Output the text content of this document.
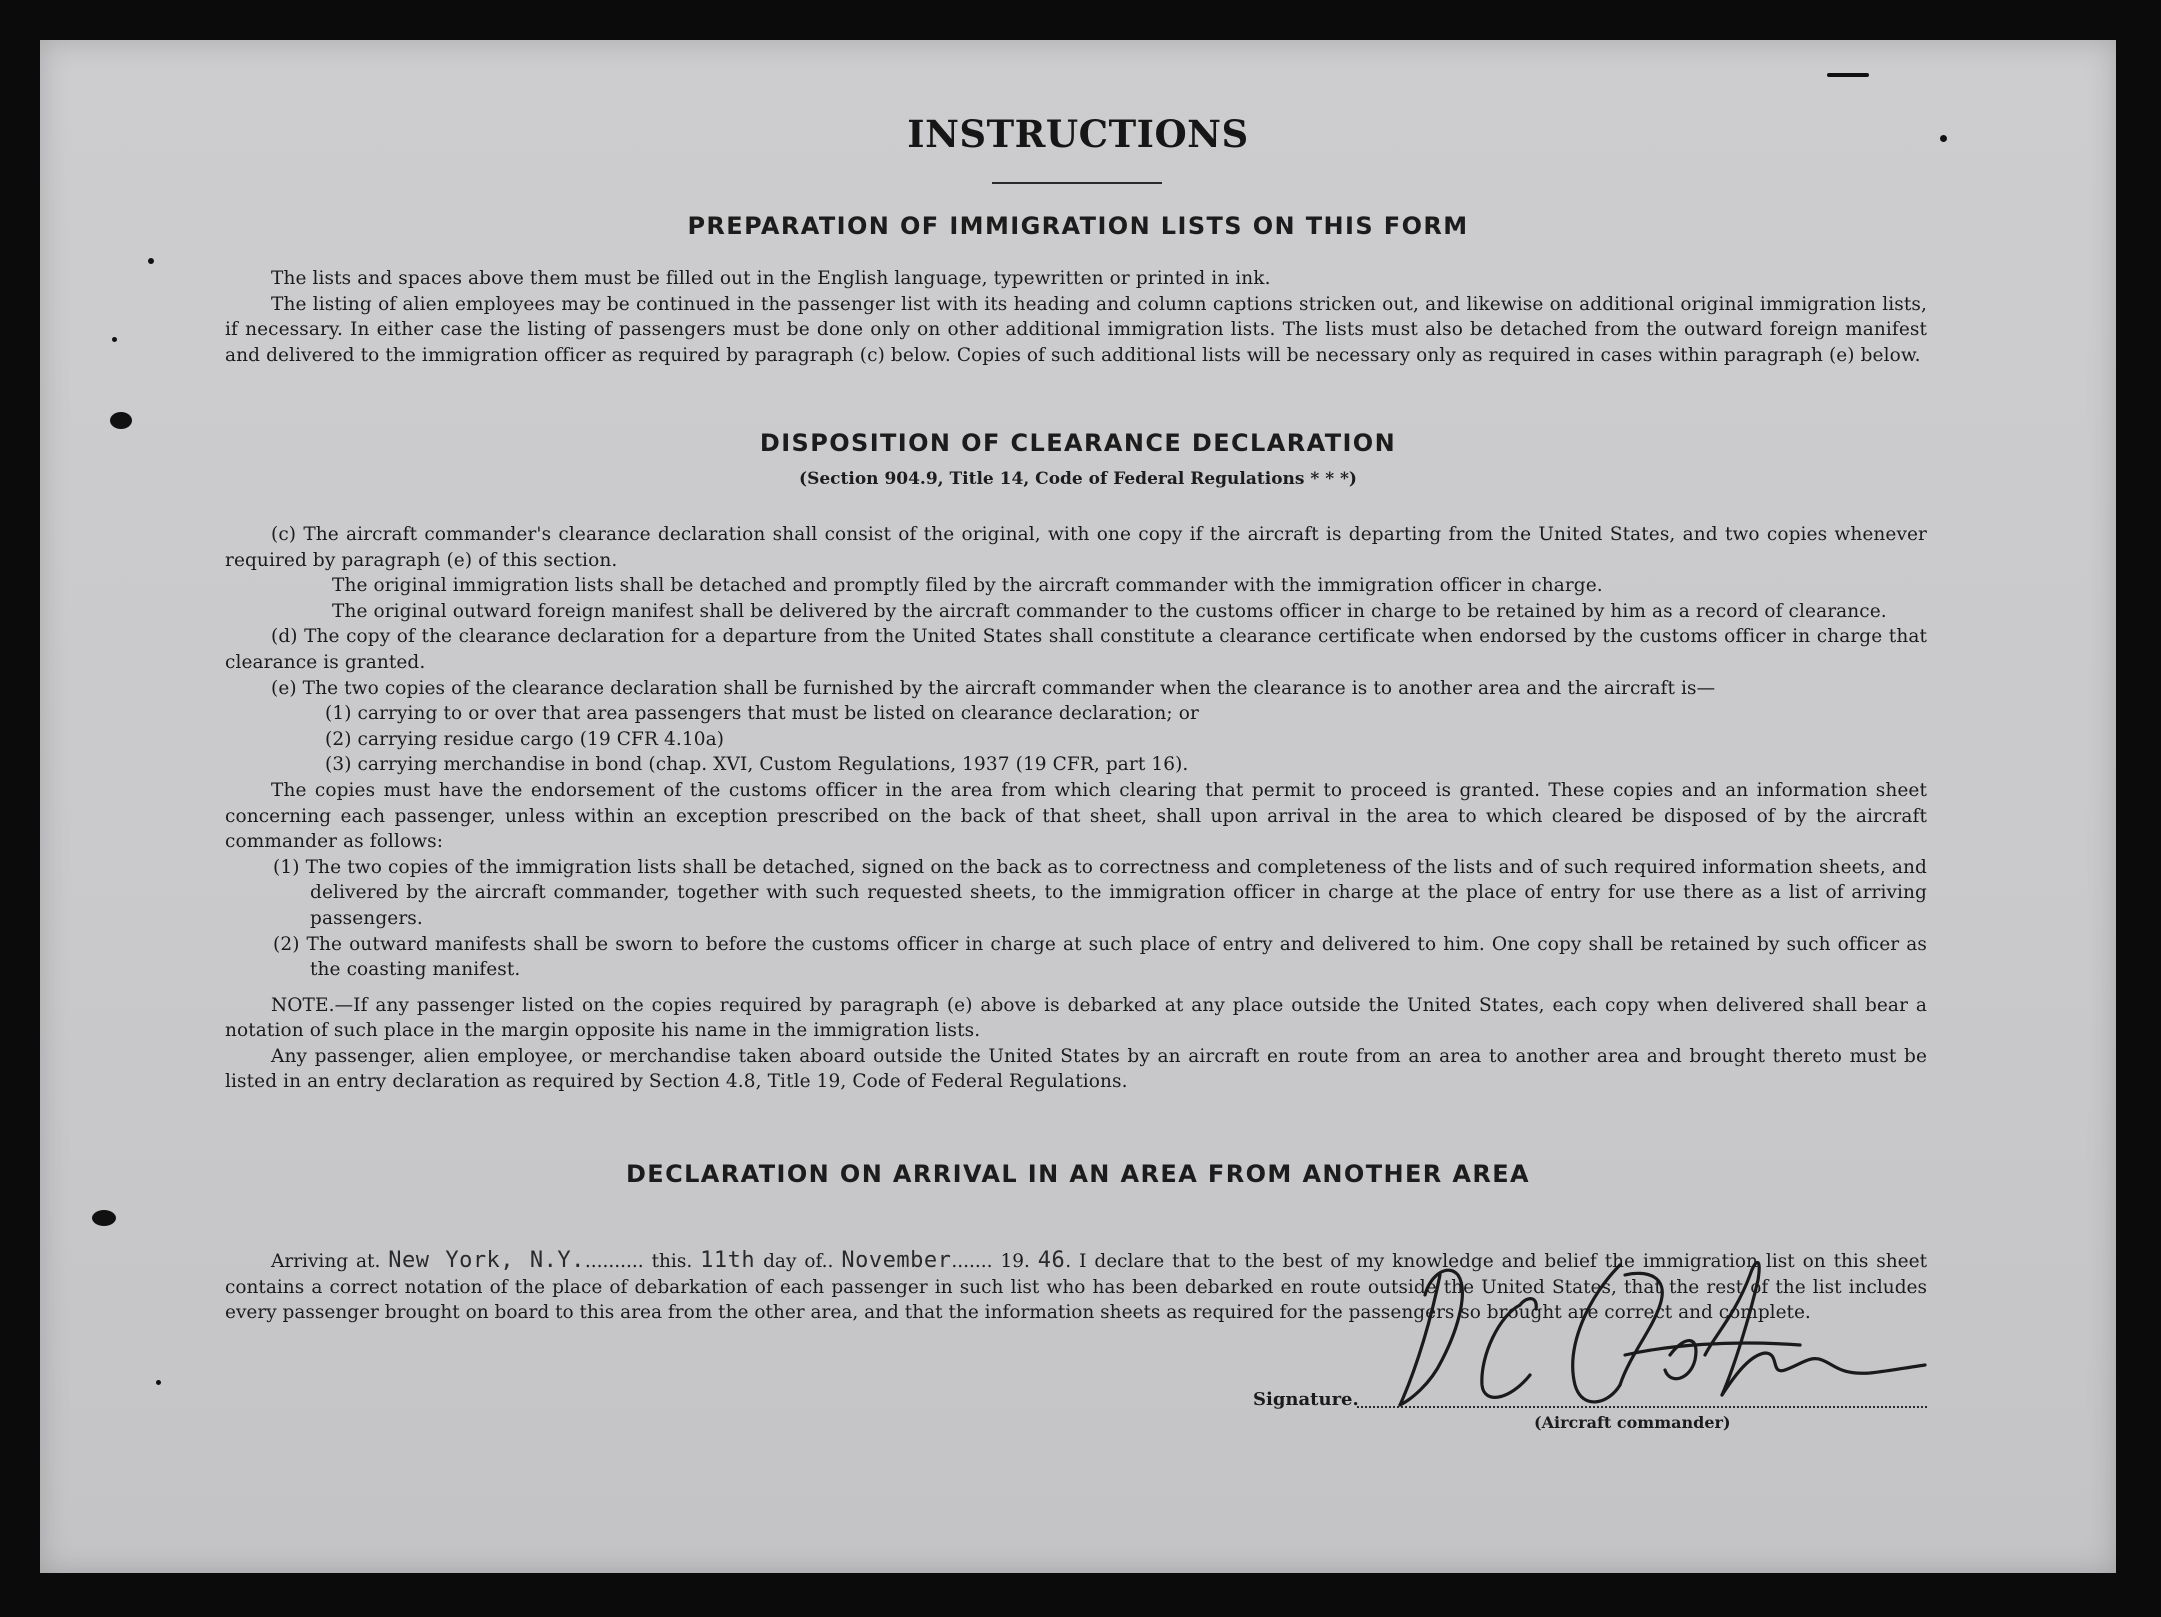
INSTRUCTIONS
PREPARATION OF IMMIGRATION LISTS ON THIS FORM

The lists and spaces above them must be filled out in the English language, typewritten or printed in ink.

The listing of alien employees may be continued in the passenger list with its heading and column captions stricken out, and likewise on additional original immigration lists, if necessary. In either case the listing of passengers must be done only on other additional immigration lists. The lists must also be detached from the outward foreign manifest and delivered to the immigration officer as required by paragraph (c) below. Copies of such additional lists will be necessary only as required in cases within paragraph (e) below.

DISPOSITION OF CLEARANCE DECLARATION
(Section 904.9, Title 14, Code of Federal Regulations * * *)

(c) The aircraft commander's clearance declaration shall consist of the original, with one copy if the aircraft is departing from the United States, and two copies whenever required by paragraph (e) of this section.

The original immigration lists shall be detached and promptly filed by the aircraft commander with the immigration officer in charge.

The original outward foreign manifest shall be delivered by the aircraft commander to the customs officer in charge to be retained by him as a record of clearance.

(d) The copy of the clearance declaration for a departure from the United States shall constitute a clearance certificate when endorsed by the customs officer in charge that clearance is granted.

(e) The two copies of the clearance declaration shall be furnished by the aircraft commander when the clearance is to another area and the aircraft is—

(1) carrying to or over that area passengers that must be listed on clearance declaration; or

(2) carrying residue cargo (19 CFR 4.10a)

(3) carrying merchandise in bond (chap. XVI, Custom Regulations, 1937 (19 CFR, part 16).

The copies must have the endorsement of the customs officer in the area from which clearing that permit to proceed is granted. These copies and an information sheet concerning each passenger, unless within an exception prescribed on the back of that sheet, shall upon arrival in the area to which cleared be disposed of by the aircraft commander as follows:

(1) The two copies of the immigration lists shall be detached, signed on the back as to correctness and completeness of the lists and of such required information sheets, and delivered by the aircraft commander, together with such requested sheets, to the immigration officer in charge at the place of entry for use there as a list of arriving passengers.

(2) The outward manifests shall be sworn to before the customs officer in charge at such place of entry and delivered to him. One copy shall be retained by such officer as the coasting manifest.

NOTE.—If any passenger listed on the copies required by paragraph (e) above is debarked at any place outside the United States, each copy when delivered shall bear a notation of such place in the margin opposite his name in the immigration lists.

Any passenger, alien employee, or merchandise taken aboard outside the United States by an aircraft en route from an area to another area and brought thereto must be listed in an entry declaration as required by Section 4.8, Title 19, Code of Federal Regulations.

DECLARATION ON ARRIVAL IN AN AREA FROM ANOTHER AREA

Arriving at. New York, N.Y........... this. 11th day of.. November....... 19. 46. I declare that to the best of my knowledge and belief the immigration list on this sheet contains a correct notation of the place of debarkation of each passenger in such list who has been debarked en route outside the United States, that the rest of the list includes every passenger brought on board to this area from the other area, and that the information sheets as required for the passengers so brought are correct and complete.

Signature.
(Aircraft commander)
